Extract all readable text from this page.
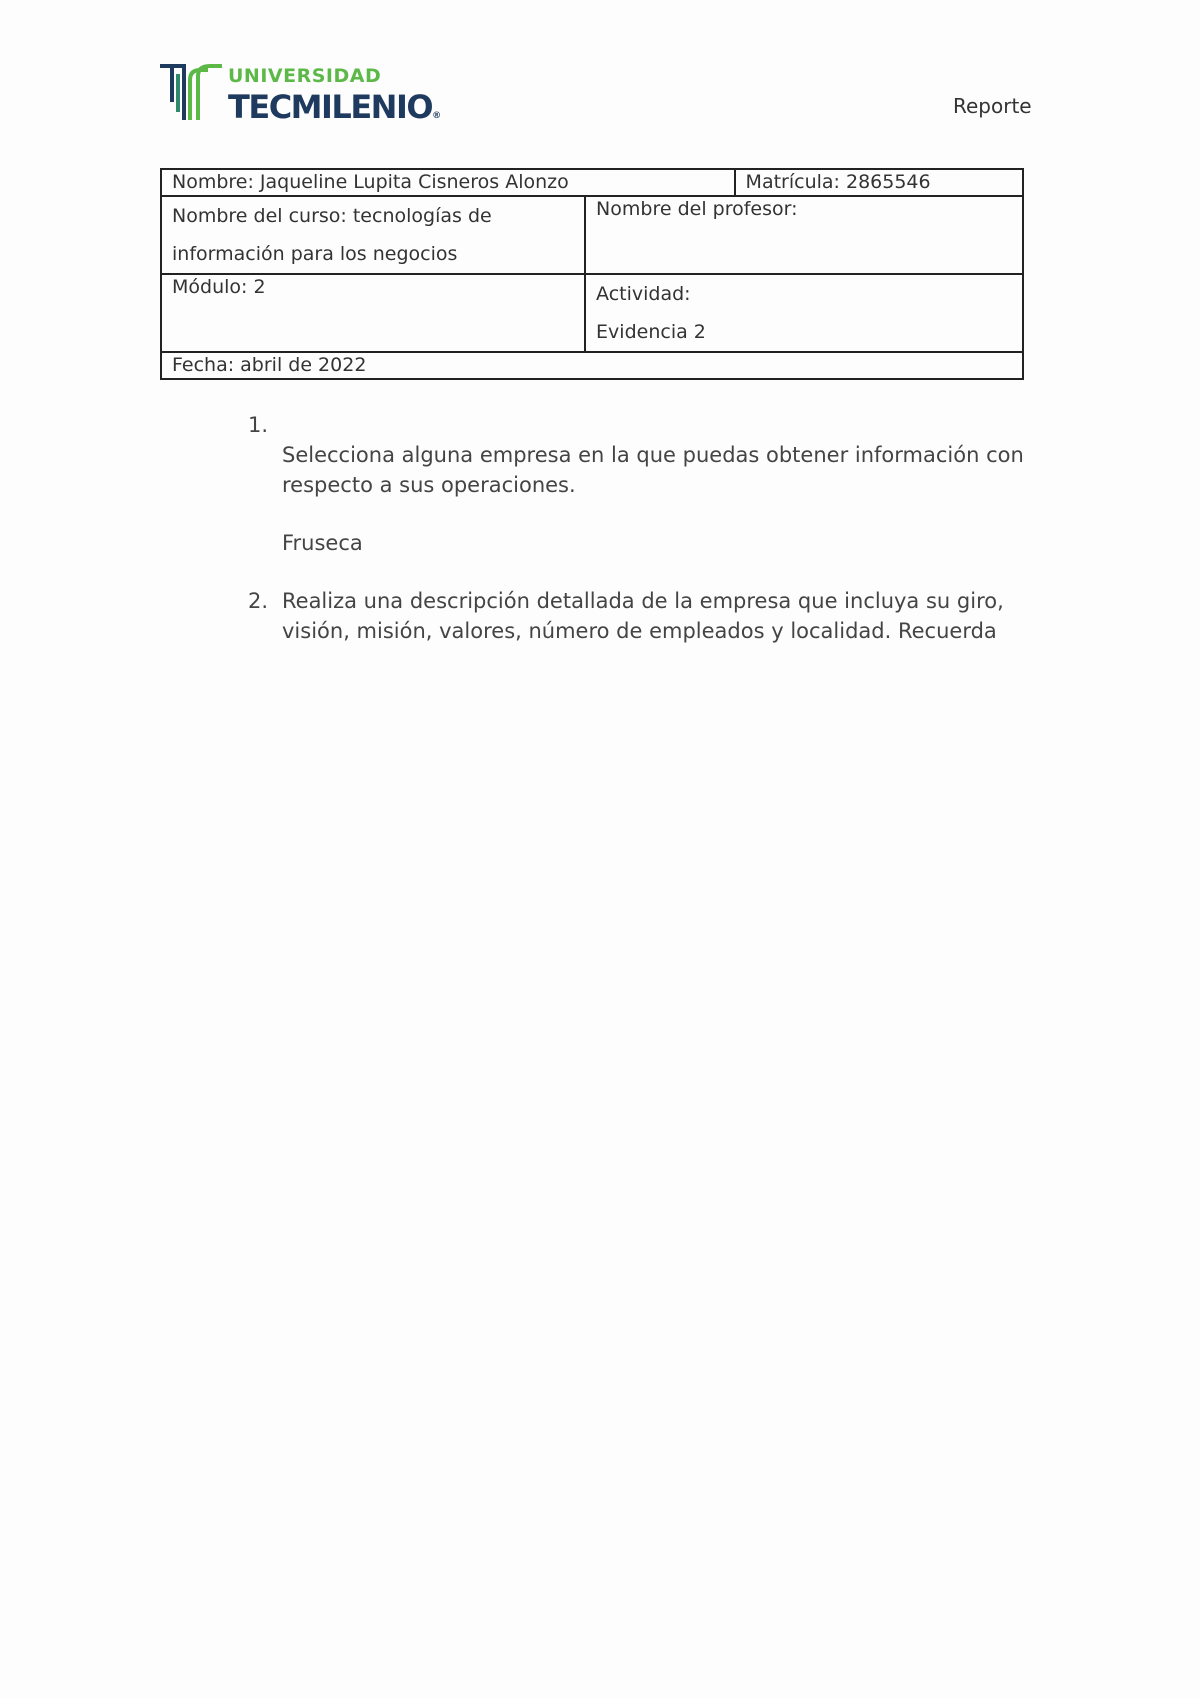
UNIVERSIDAD
TECMILENIO®	Reporte
Nombre: Jaqueline Lupita Cisneros Alonzo		Matrícula: 2865546
Nombre del curso: tecnologías de información para los negocios	Nombre del profesor:	
Módulo: 2	Actividad:
Evidencia 2	

Fecha: abril de 2022		
1.
Selecciona alguna empresa en la que puedas obtener información con respecto a sus operaciones.
Fruseca
2. Realiza una descripción detallada de la empresa que incluya su giro, visión, misión, valores, número de empleados y localidad. Recuerda
